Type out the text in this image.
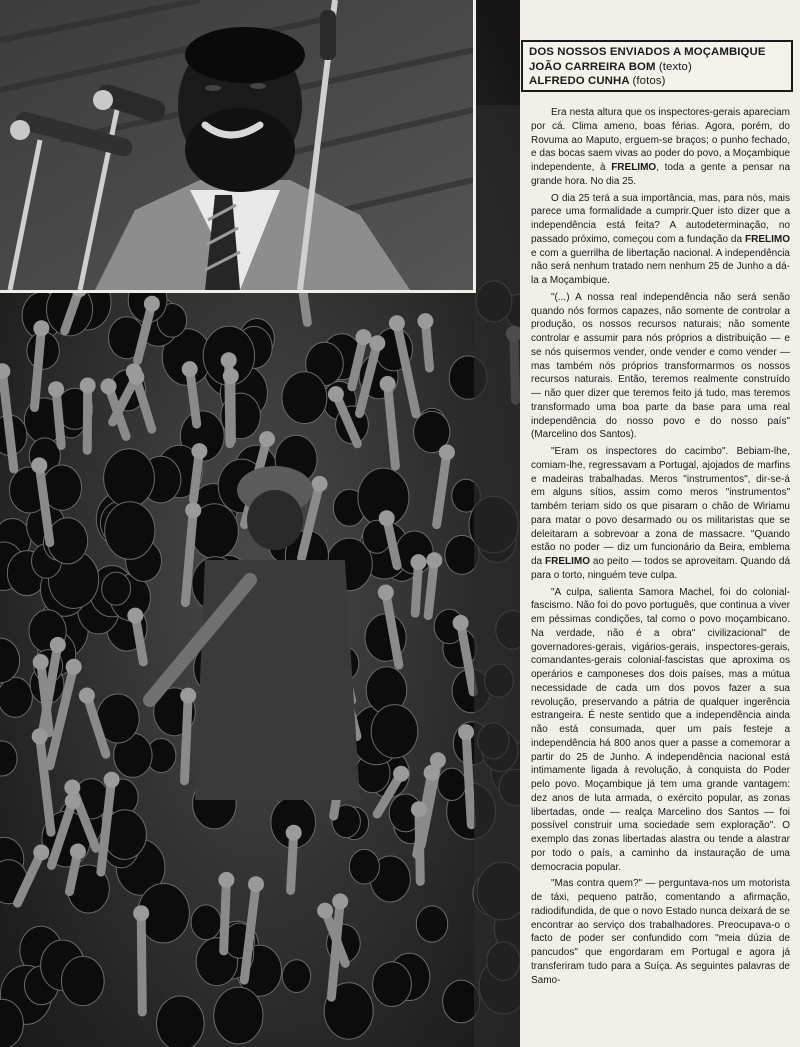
DOS NOSSOS ENVIADOS A MOÇAMBIQUE
JOÃO CARREIRA BOM (texto)
ALFREDO CUNHA (fotos)

Era nesta altura que os inspectores-gerais apareciam por cá. Clima ameno, boas férias. Agora, porém, do Rovuma ao Maputo, erguem-se braços; o punho fechado, e das bocas saem vivas ao poder do povo, a Moçambique independente, à FRELIMO, toda a gente a pensar na grande hora. No dia 25.

O dia 25 terá a sua importância, mas, para nós, mais parece uma formalidade a cumprir.Quer isto dizer que a independência está feita? A autodeterminação, no passado próximo, começou com a fundação da FRELIMO e com a guerrilha de libertação nacional. A independência não será nenhum tratado nem nenhum 25 de Junho a dá-la a Moçambique.

"(...) A nossa real independência não será senão quando nós formos capazes, não somente de controlar a produção, os nossos recursos naturais; não somente controlar e assumir para nós próprios a distribuição — e se nós quisermos vender, onde vender e como vender — mas também nós próprios transformarmos os nossos recursos naturais. Então, teremos realmente construído — não quer dizer que teremos feito já tudo, mas teremos transformado uma boa parte da base para uma real independência do nosso povo e do nosso país" (Marcelino dos Santos).

"Eram os inspectores do cacimbo". Bebiam-lhe, comiam-lhe, regressavam a Portugal, ajojados de marfins e madeiras trabalhadas. Meros "instrumentos", dir-se-á em alguns sítios, assim como meros "instrumentos" também teriam sido os que pisaram o chão de Wiriamu para matar o povo desarmado ou os militaristas que se deleitaram a sobrevoar a zona de massacre. "Quando estão no poder — diz um funcionário da Beira, emblema da FRELIMO ao peito — todos se aproveitam. Quando dá para o torto, ninguém teve culpa.

"A culpa, salienta Samora Machel, foi do colonial-fascismo. Não foi do povo português, que continua a viver em péssimas condições, tal como o povo moçambicano. Na verdade, não é a obra" civilizacional" de governadores-gerais, vigários-gerais, inspectores-gerais, comandantes-gerais colonial-fascistas que aproxima os operários e camponeses dos dois países, mas a mútua necessidade de cada um dos povos fazer a sua revolução, preservando a pátria de qualquer ingerência estrangeira. É neste sentido que a independência ainda não está consumada, quer um país festeje a independência há 800 anos quer a passe a comemorar a partir do 25 de Junho. A independência nacional está intimamente ligada à revolução, à conquista do Poder pelo povo. Moçambique já tem uma grande vantagem: dez anos de luta armada, o exército popular, as zonas libertadas, onde — realça Marcelino dos Santos — foi possível construir uma sociedade sem exploração". O exemplo das zonas libertadas alastra ou tende a alastrar por todo o país, a caminho da instauração de uma democracia popular.

"Mas contra quem?" — perguntava-nos um motorista de táxi, pequeno patrão, comentando a afirmação, radiodifundida, de que o novo Estado nunca deixará de se encontrar ao serviço dos trabalhadores. Preocupava-o o facto de poder ser confundido com "meia dúzia de pancudos" que engordaram em Portugal e agora já transferiram tudo para a Suíça. As seguintes palavras de Samo-
